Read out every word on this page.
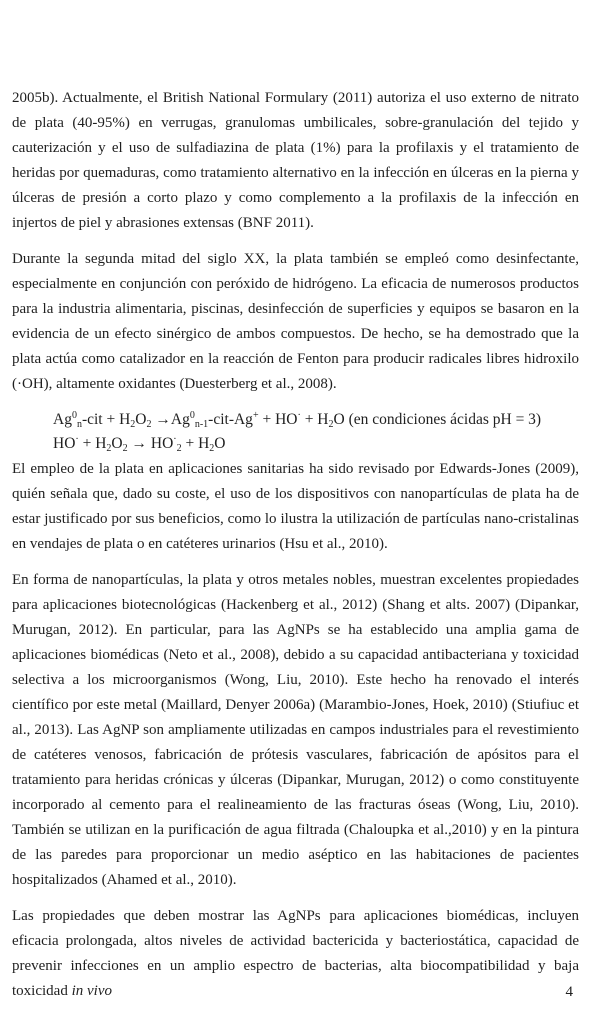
2005b). Actualmente, el British National Formulary (2011) autoriza el uso externo de nitrato de plata (40-95%) en verrugas, granulomas umbilicales, sobre-granulación del tejido y cauterización y el uso de sulfadiazina de plata (1%) para la profilaxis y el tratamiento de heridas por quemaduras, como tratamiento alternativo en la infección en úlceras en la pierna y úlceras de presión a corto plazo y como complemento a la profilaxis de la infección en injertos de piel y abrasiones extensas (BNF 2011).

Durante la segunda mitad del siglo XX, la plata también se empleó como desinfectante, especialmente en conjunción con peróxido de hidrógeno. La eficacia de numerosos productos para la industria alimentaria, piscinas, desinfección de superficies y equipos se basaron en la evidencia de un efecto sinérgico de ambos compuestos. De hecho, se ha demostrado que la plata actúa como catalizador en la reacción de Fenton para producir radicales libres hidroxilo (·OH), altamente oxidantes (Duesterberg et al., 2008).

$Ag^0_n$-cit + $H_2O_2 \to Ag^0_{n-1}-cit-Ag^+ + HO^\cdot + H_2O$ (en condiciones ácidas pH = 3)
$HO^\cdot + H_2O_2 \to HO^\cdot_2 + H_2O$

El empleo de la plata en aplicaciones sanitarias ha sido revisado por Edwards-Jones (2009), quién señala que, dado su coste, el uso de los dispositivos con nanopartículas de plata ha de estar justificado por sus beneficios, como lo ilustra la utilización de partículas nano-cristalinas en vendajes de plata o en catéteres urinarios (Hsu et al., 2010).

En forma de nanopartículas, la plata y otros metales nobles, muestran excelentes propiedades para aplicaciones biotecnológicas (Hackenberg et al., 2012) (Shang et alts. 2007) (Dipankar, Murugan, 2012). En particular, para las AgNPs se ha establecido una amplia gama de aplicaciones biomédicas (Neto et al., 2008), debido a su capacidad antibacteriana y toxicidad selectiva a los microorganismos (Wong, Liu, 2010). Este hecho ha renovado el interés científico por este metal (Maillard, Denyer 2006a) (Marambio-Jones, Hoek, 2010) (Stiufiuc et al., 2013). Las AgNP son ampliamente utilizadas en campos industriales para el revestimiento de catéteres venosos, fabricación de prótesis vasculares, fabricación de apósitos para el tratamiento para heridas crónicas y úlceras (Dipankar, Murugan, 2012) o como constituyente incorporado al cemento para el realineamiento de las fracturas óseas (Wong, Liu, 2010). También se utilizan en la purificación de agua filtrada (Chaloupka et al.,2010) y en la pintura de las paredes para proporcionar un medio aséptico en las habitaciones de pacientes hospitalizados (Ahamed et al., 2010).

Las propiedades que deben mostrar las AgNPs para aplicaciones biomédicas, incluyen eficacia prolongada, altos niveles de actividad bactericida y bacteriostática, capacidad de prevenir infecciones en un amplio espectro de bacterias, alta biocompatibilidad y baja toxicidad in vivo	4
